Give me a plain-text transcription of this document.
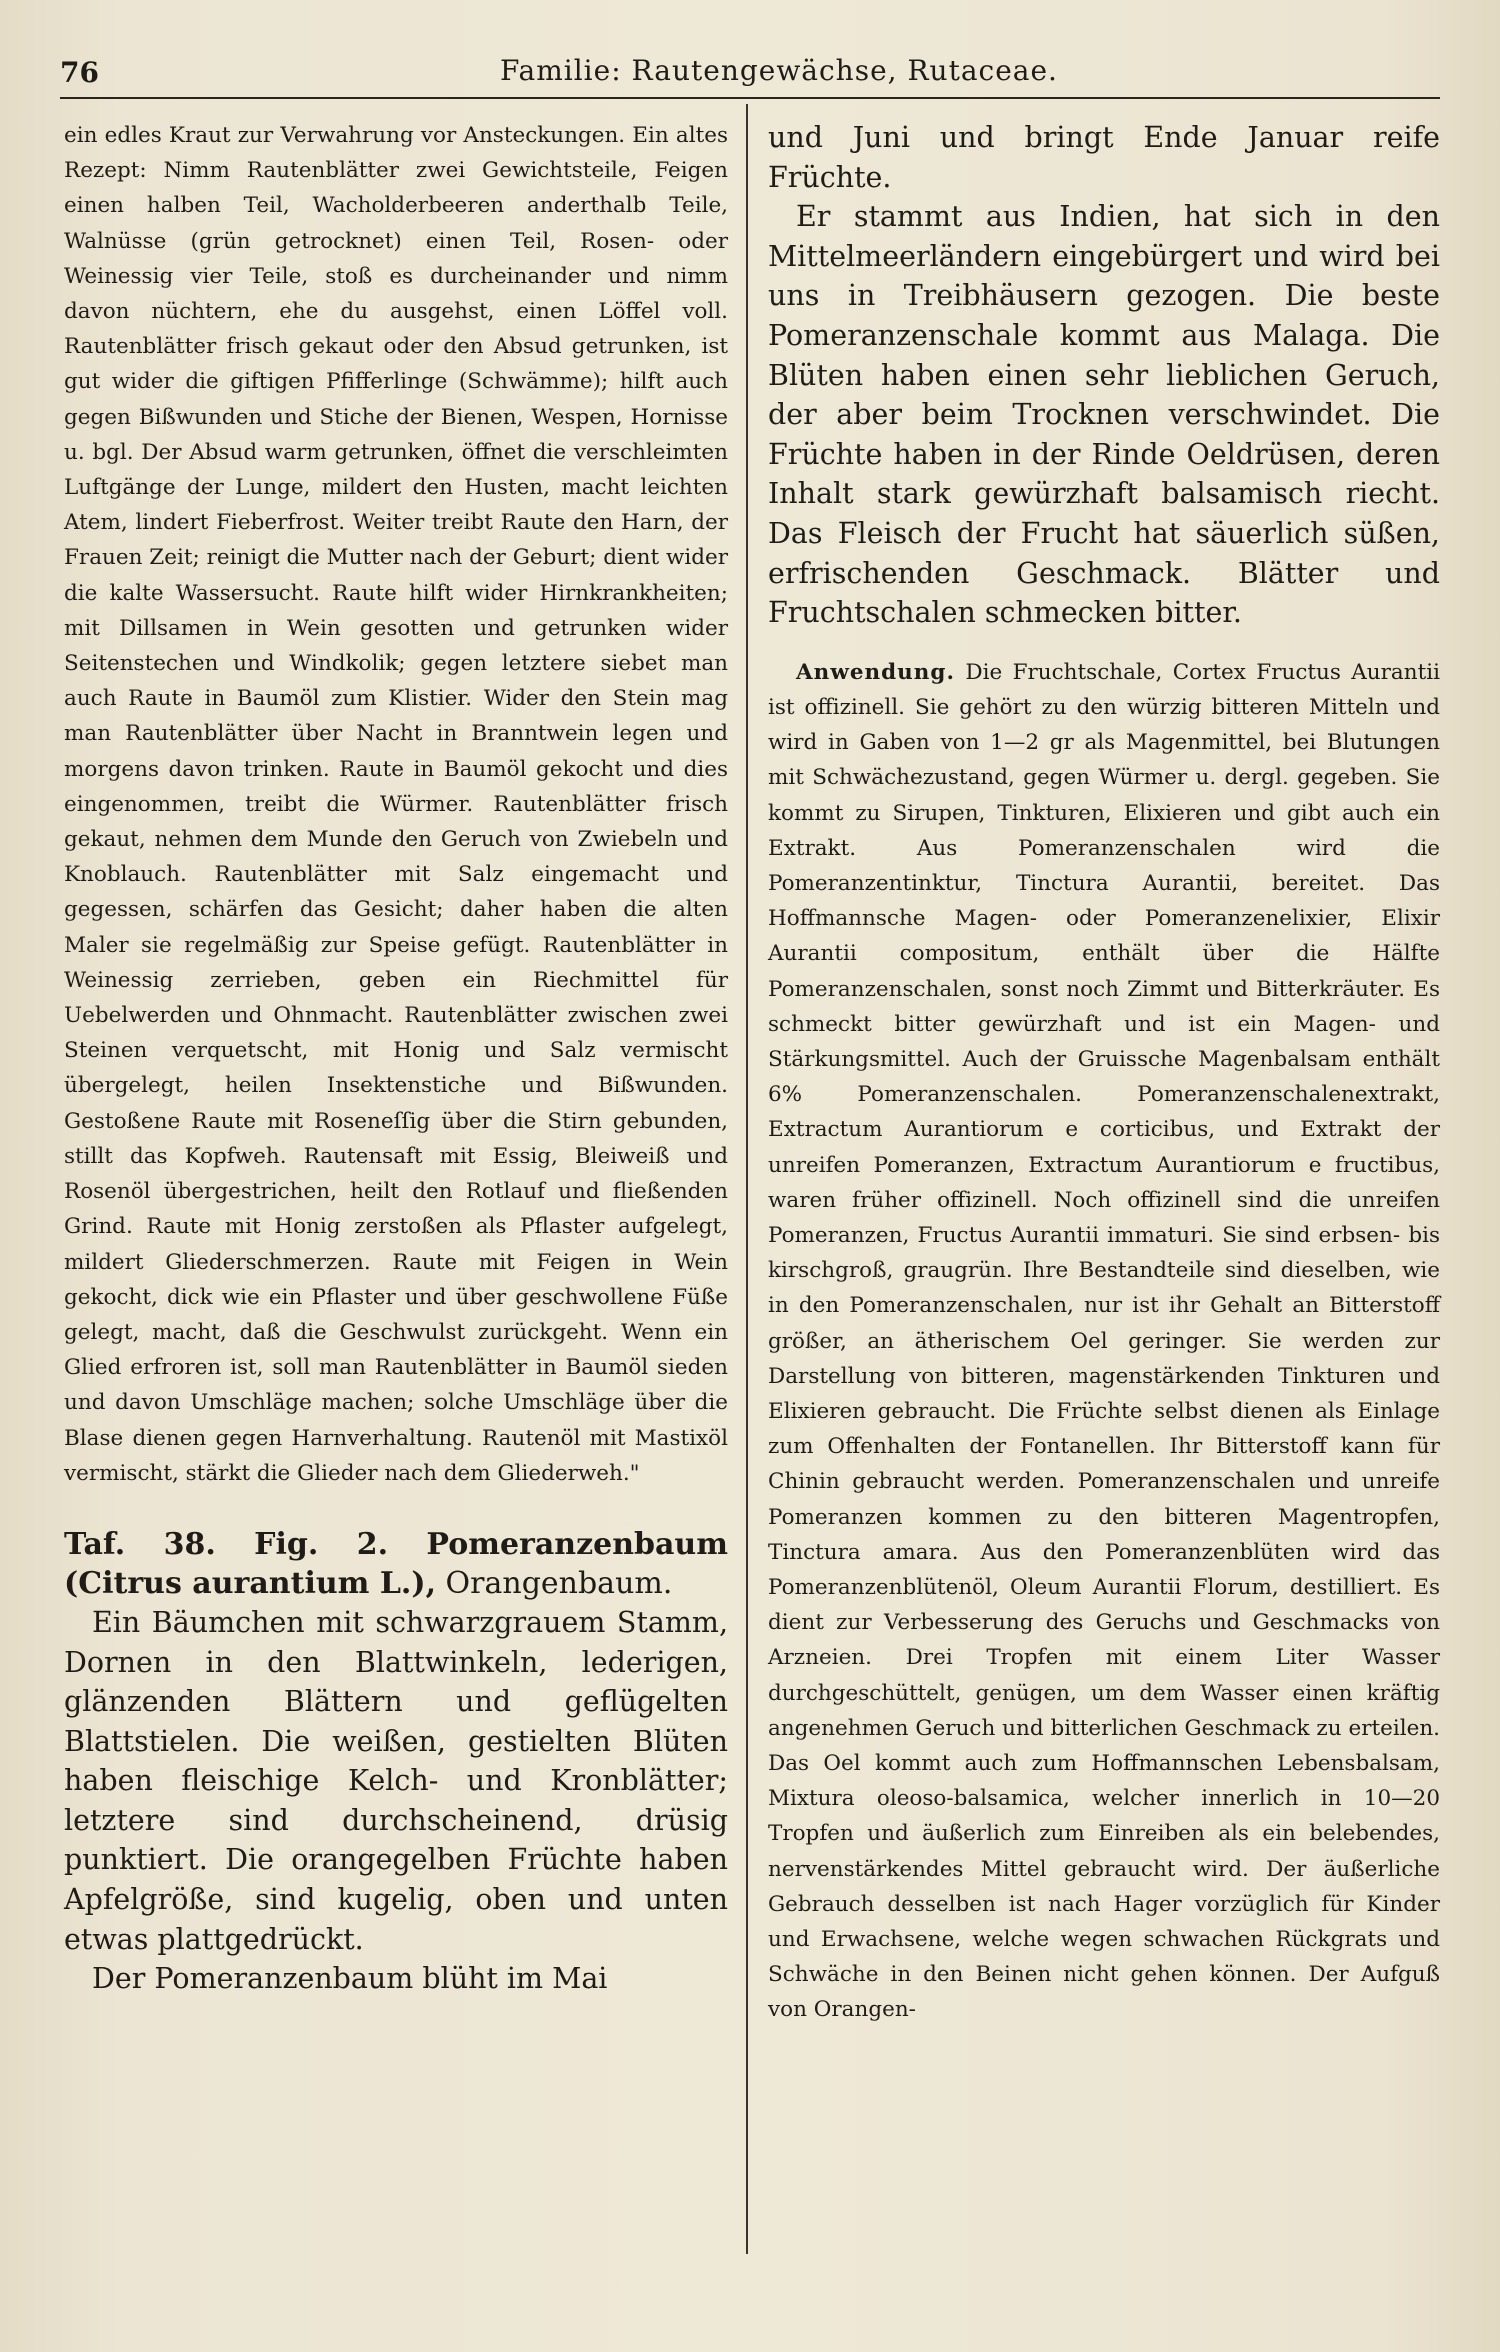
76	Familie: Rautengewächse, Rutaceae.

ein edles Kraut zur Verwahrung vor Ansteckungen. Ein altes Rezept: Nimm Rautenblätter zwei Gewichtsteile, Feigen einen halben Teil, Wacholderbeeren anderthalb Teile, Walnüsse (grün getrocknet) einen Teil, Rosen- oder Weinessig vier Teile, stoß es durcheinander und nimm davon nüchtern, ehe du ausgehst, einen Löffel voll. Rautenblätter frisch gekaut oder den Absud getrunken, ist gut wider die giftigen Pfifferlinge (Schwämme); hilft auch gegen Bißwunden und Stiche der Bienen, Wespen, Hornisse u. bgl. Der Absud warm getrunken, öffnet die verschleimten Luftgänge der Lunge, mildert den Husten, macht leichten Atem, lindert Fieberfrost. Weiter treibt Raute den Harn, der Frauen Zeit; reinigt die Mutter nach der Geburt; dient wider die kalte Wassersucht. Raute hilft wider Hirnkrankheiten; mit Dillsamen in Wein gesotten und getrunken wider Seitenstechen und Windkolik; gegen letztere siebet man auch Raute in Baumöl zum Klistier. Wider den Stein mag man Rautenblätter über Nacht in Branntwein legen und morgens davon trinken. Raute in Baumöl gekocht und dies eingenommen, treibt die Würmer. Rautenblätter frisch gekaut, nehmen dem Munde den Geruch von Zwiebeln und Knoblauch. Rautenblätter mit Salz eingemacht und gegessen, schärfen das Gesicht; daher haben die alten Maler sie regelmäßig zur Speise gefügt. Rautenblätter in Weinessig zerrieben, geben ein Riechmittel für Uebelwerden und Ohnmacht. Rautenblätter zwischen zwei Steinen verquetscht, mit Honig und Salz vermischt übergelegt, heilen Insektenstiche und Bißwunden. Gestoßene Raute mit Roseneſſig über die Stirn gebunden, stillt das Kopfweh. Rautensaft mit Essig, Bleiweiß und Rosenöl übergestrichen, heilt den Rotlauf und fließenden Grind. Raute mit Honig zerstoßen als Pflaster aufgelegt, mildert Gliederschmerzen. Raute mit Feigen in Wein gekocht, dick wie ein Pflaster und über geschwollene Füße gelegt, macht, daß die Geschwulst zurückgeht. Wenn ein Glied erfroren ist, soll man Rautenblätter in Baumöl sieden und davon Umschläge machen; solche Umschläge über die Blase dienen gegen Harnverhaltung. Rautenöl mit Mastixöl vermischt, stärkt die Glieder nach dem Gliederweh."

Taf. 38. Fig. 2. Pomeranzenbaum (Citrus aurantium L.), Orangenbaum.

Ein Bäumchen mit schwarzgrauem Stamm, Dornen in den Blattwinkeln, lederigen, glänzenden Blättern und geflügelten Blattstielen. Die weißen, gestielten Blüten haben fleischige Kelch- und Kronblätter; letztere sind durchscheinend, drüsig punktiert. Die orangegelben Früchte haben Apfelgröße, sind kugelig, oben und unten etwas plattgedrückt.

Der Pomeranzenbaum blüht im Mai

und Juni und bringt Ende Januar reife Früchte.

Er stammt aus Indien, hat sich in den Mittelmeerländern eingebürgert und wird bei uns in Treibhäusern gezogen. Die beste Pomeranzenschale kommt aus Malaga. Die Blüten haben einen sehr lieblichen Geruch, der aber beim Trocknen verschwindet. Die Früchte haben in der Rinde Oeldrüsen, deren Inhalt stark gewürzhaft balsamisch riecht. Das Fleisch der Frucht hat säuerlich süßen, erfrischenden Geschmack. Blätter und Fruchtschalen schmecken bitter.

Anwendung. Die Fruchtschale, Cortex Fructus Aurantii ist offizinell. Sie gehört zu den würzig bitteren Mitteln und wird in Gaben von 1—2 gr als Magenmittel, bei Blutungen mit Schwächezustand, gegen Würmer u. dergl. gegeben. Sie kommt zu Sirupen, Tinkturen, Elixieren und gibt auch ein Extrakt. Aus Pomeranzenschalen wird die Pomeranzentinktur, Tinctura Aurantii, bereitet. Das Hoffmannsche Magen- oder Pomeranzenelixier, Elixir Aurantii compositum, enthält über die Hälfte Pomeranzenschalen, sonst noch Zimmt und Bitterkräuter. Es schmeckt bitter gewürzhaft und ist ein Magen- und Stärkungsmittel. Auch der Gruissche Magenbalsam enthält 6% Pomeranzenschalen. Pomeranzenschalenextrakt, Extractum Aurantiorum e corticibus, und Extrakt der unreifen Pomeranzen, Extractum Aurantiorum e fructibus, waren früher offizinell. Noch offizinell sind die unreifen Pomeranzen, Fructus Aurantii immaturi. Sie sind erbsen- bis kirschgroß, graugrün. Ihre Bestandteile sind dieselben, wie in den Pomeranzenschalen, nur ist ihr Gehalt an Bitterstoff größer, an ätherischem Oel geringer. Sie werden zur Darstellung von bitteren, magenstärkenden Tinkturen und Elixieren gebraucht. Die Früchte selbst dienen als Einlage zum Offenhalten der Fontanellen. Ihr Bitterstoff kann für Chinin gebraucht werden. Pomeranzenschalen und unreife Pomeranzen kommen zu den bitteren Magentropfen, Tinctura amara. Aus den Pomeranzenblüten wird das Pomeranzenblütenöl, Oleum Aurantii Florum, destilliert. Es dient zur Verbesserung des Geruchs und Geschmacks von Arzneien. Drei Tropfen mit einem Liter Wasser durchgeschüttelt, genügen, um dem Wasser einen kräftig angenehmen Geruch und bitterlichen Geschmack zu erteilen. Das Oel kommt auch zum Hoffmannschen Lebensbalsam, Mixtura oleoso-balsamica, welcher innerlich in 10—20 Tropfen und äußerlich zum Einreiben als ein belebendes, nervenstärkendes Mittel gebraucht wird. Der äußerliche Gebrauch desselben ist nach Hager vorzüglich für Kinder und Erwachsene, welche wegen schwachen Rückgrats und Schwäche in den Beinen nicht gehen können. Der Aufguß von Orangen-
